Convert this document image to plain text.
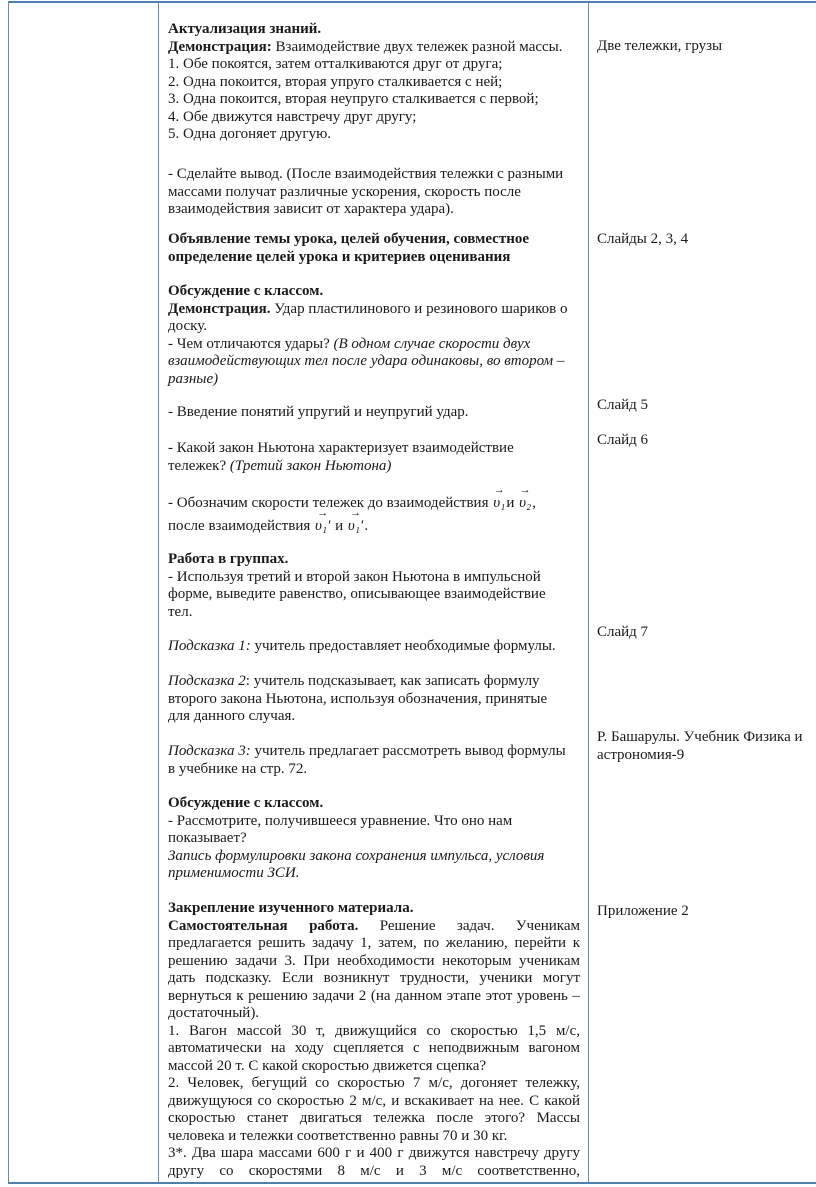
Актуализация знаний.
Демонстрация: Взаимодействие двух тележек разной массы.
1. Обе покоятся, затем отталкиваются друг от друга;
2. Одна покоится, вторая упруго сталкивается с ней;
3. Одна покоится, вторая неупруго сталкивается с первой;
4. Обе движутся навстречу друг другу;
5. Одна догоняет другую.
- Сделайте вывод. (После взаимодействия тележки с разными
массами получат различные ускорения, скорость после
взаимодействия зависит от характера удара).
Объявление темы урока, целей обучения, совместное
определение целей урока и критериев оценивания
Обсуждение с классом.
Демонстрация. Удар пластилинового и резинового шариков о
доску.
- Чем отличаются удары? (В одном случае скорости двух
взаимодействующих тел после удара одинаковы, во втором –
разные)
- Введение понятий упругий и неупругий удар.
- Какой закон Ньютона характеризует взаимодействие
тележек? (Третий закон Ньютона)
- Обозначим скорости тележек до взаимодействия → υ₁и → υ₂,
после взаимодействия → υ₁′ и → υ₁′.
Работа в группах.
- Используя третий и второй закон Ньютона в импульсной
форме, выведите равенство, описывающее взаимодействие
тел.
Подсказка 1: учитель предоставляет необходимые формулы.
Подсказка 2: учитель подсказывает, как записать формулу
второго закона Ньютона, используя обозначения, принятые
для данного случая.
Подсказка 3: учитель предлагает рассмотреть вывод формулы
в учебнике на стр. 72.
Обсуждение с классом.
- Рассмотрите, получившееся уравнение. Что оно нам
показывает?
Запись формулировки закона сохранения импульса, условия
применимости ЗСИ.
Закрепление изученного материала.
Самостоятельная работа. Решение задач. Ученикам
предлагается решить задачу 1, затем, по желанию, перейти к
решению задачи 3. При необходимости некоторым ученикам
дать подсказку. Если возникнут трудности, ученики могут
вернуться к решению задачи 2 (на данном этапе этот уровень –
достаточный).
1. Вагон массой 30 т, движущийся со скоростью 1,5 м/с,
автоматически на ходу сцепляется с неподвижным вагоном
массой 20 т. С какой скоростью движется сцепка?
2. Человек, бегущий со скоростью 7 м/с, догоняет тележку,
движущуюся со скоростью 2 м/с, и вскакивает на нее. С какой
скоростью станет двигаться тележка после этого? Массы
человека и тележки соответственно равны 70 и 30 кг.
3*. Два шара массами 600 г и 400 г движутся навстречу другу
другу со скоростями 8 м/с и 3 м/с соответственно,
Две тележки, грузы
Слайды 2, 3, 4
Слайд 5
Слайд 6
Слайд 7
Р. Башарулы. Учебник Физика и
астрономия-9
Приложение 2
